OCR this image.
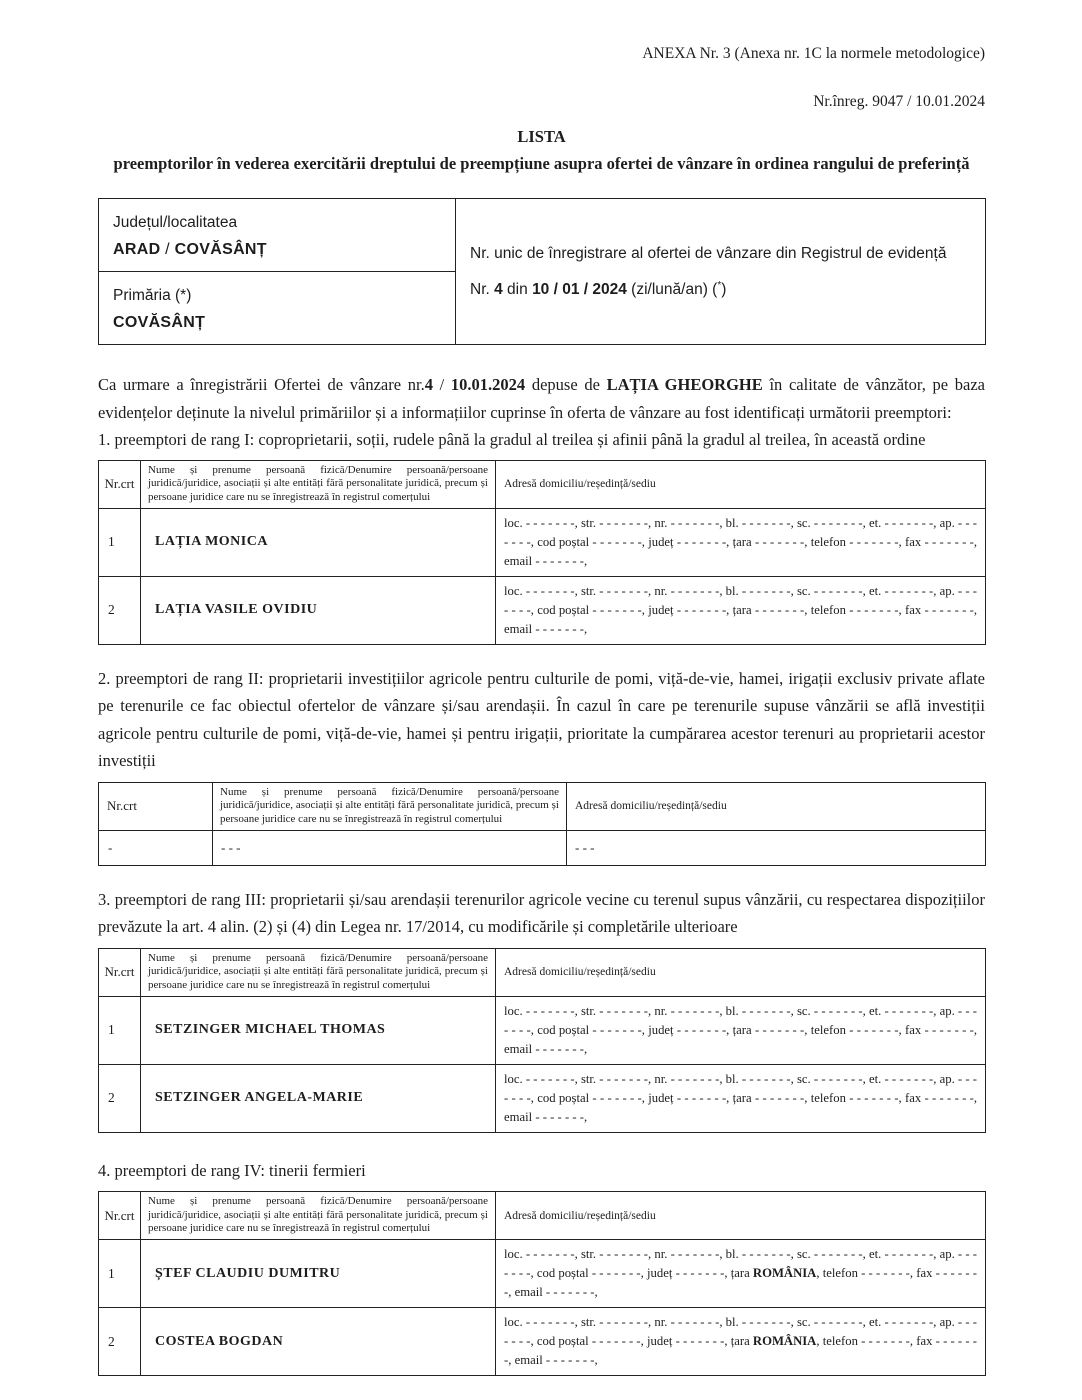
ANEXA Nr. 3 (Anexa nr. 1C la normele metodologice)

Nr.înreg. 9047 / 10.01.2024

LISTA

preemptorilor în vederea exercitării dreptului de preempțiune asupra ofertei de vânzare în ordinea rangului de preferință

Județul/localitatea
ARAD / COVĂSÂNȚ	Nr. unic de înregistrare al ofertei de vânzare din Registrul de evidență
Nr. 4 din 10 / 01 / 2024 (zi/lună/an) (*)

Primăria (*)
COVĂSÂNȚ

Ca urmare a înregistrării Ofertei de vânzare nr.4 / 10.01.2024 depuse de LAȚIA GHEORGHE în calitate de vânzător, pe baza evidențelor deținute la nivelul primăriilor și a informațiilor cuprinse în oferta de vânzare au fost identificați următorii preemptori:

1. preemptori de rang I: coproprietarii, soții, rudele până la gradul al treilea și afinii până la gradul al treilea, în această ordine

Nr.crt	Nume și prenume persoană fizică/Denumire persoană/persoane juridică/juridice, asociații și alte entități fără personalitate juridică, precum și persoane juridice care nu se înregistrează în registrul comerțului	Adresă domiciliu/reședință/sediu
1	LAȚIA MONICA	loc. - - - - - - -, str. - - - - - - -, nr. - - - - - - -, bl. - - - - - - -, sc. - - - - - - -, et. - - - - - - -, ap. - - - - - - -, cod poștal - - - - - - -, județ - - - - - - -, țara - - - - - - -, telefon - - - - - - -, fax - - - - - - -, email - - - - - - -,
2	LAȚIA VASILE OVIDIU	loc. - - - - - - -, str. - - - - - - -, nr. - - - - - - -, bl. - - - - - - -, sc. - - - - - - -, et. - - - - - - -, ap. - - - - - - -, cod poștal - - - - - - -, județ - - - - - - -, țara - - - - - - -, telefon - - - - - - -, fax - - - - - - -, email - - - - - - -,

2. preemptori de rang II: proprietarii investițiilor agricole pentru culturile de pomi, viță-de-vie, hamei, irigații exclusiv private aflate pe terenurile ce fac obiectul ofertelor de vânzare și/sau arendașii. În cazul în care pe terenurile supuse vânzării se află investiții agricole pentru culturile de pomi, viță-de-vie, hamei și pentru irigații, prioritate la cumpărarea acestor terenuri au proprietarii acestor investiții

Nr.crt	Nume și prenume persoană fizică/Denumire persoană/persoane juridică/juridice, asociații și alte entități fără personalitate juridică, precum și persoane juridice care nu se înregistrează în registrul comerțului	Adresă domiciliu/reședință/sediu
-	- - -	- - -

3. preemptori de rang III: proprietarii și/sau arendașii terenurilor agricole vecine cu terenul supus vânzării, cu respectarea dispozițiilor prevăzute la art. 4 alin. (2) și (4) din Legea nr. 17/2014, cu modificările și completările ulterioare

Nr.crt	Nume și prenume persoană fizică/Denumire persoană/persoane juridică/juridice, asociații și alte entități fără personalitate juridică, precum și persoane juridice care nu se înregistrează în registrul comerțului	Adresă domiciliu/reședință/sediu
1	SETZINGER MICHAEL THOMAS	loc. - - - - - - -, str. - - - - - - -, nr. - - - - - - -, bl. - - - - - - -, sc. - - - - - - -, et. - - - - - - -, ap. - - - - - - -, cod poștal - - - - - - -, județ - - - - - - -, țara - - - - - - -, telefon - - - - - - -, fax - - - - - - -, email - - - - - - -,
2	SETZINGER ANGELA-MARIE	loc. - - - - - - -, str. - - - - - - -, nr. - - - - - - -, bl. - - - - - - -, sc. - - - - - - -, et. - - - - - - -, ap. - - - - - - -, cod poștal - - - - - - -, județ - - - - - - -, țara - - - - - - -, telefon - - - - - - -, fax - - - - - - -, email - - - - - - -,

4. preemptori de rang IV: tinerii fermieri

Nr.crt	Nume și prenume persoană fizică/Denumire persoană/persoane juridică/juridice, asociații și alte entități fără personalitate juridică, precum și persoane juridice care nu se înregistrează în registrul comerțului	Adresă domiciliu/reședință/sediu
1	ȘTEF CLAUDIU DUMITRU	loc. - - - - - - -, str. - - - - - - -, nr. - - - - - - -, bl. - - - - - - -, sc. - - - - - - -, et. - - - - - - -, ap. - - - - - - -, cod poștal - - - - - - -, județ - - - - - - -, țara ROMÂNIA, telefon - - - - - - -, fax - - - - - - -, email - - - - - - -,
2	COSTEA BOGDAN	loc. - - - - - - -, str. - - - - - - -, nr. - - - - - - -, bl. - - - - - - -, sc. - - - - - - -, et. - - - - - - -, ap. - - - - - - -, cod poștal - - - - - - -, județ - - - - - - -, țara ROMÂNIA, telefon - - - - - - -, fax - - - - - - -, email - - - - - - -,
